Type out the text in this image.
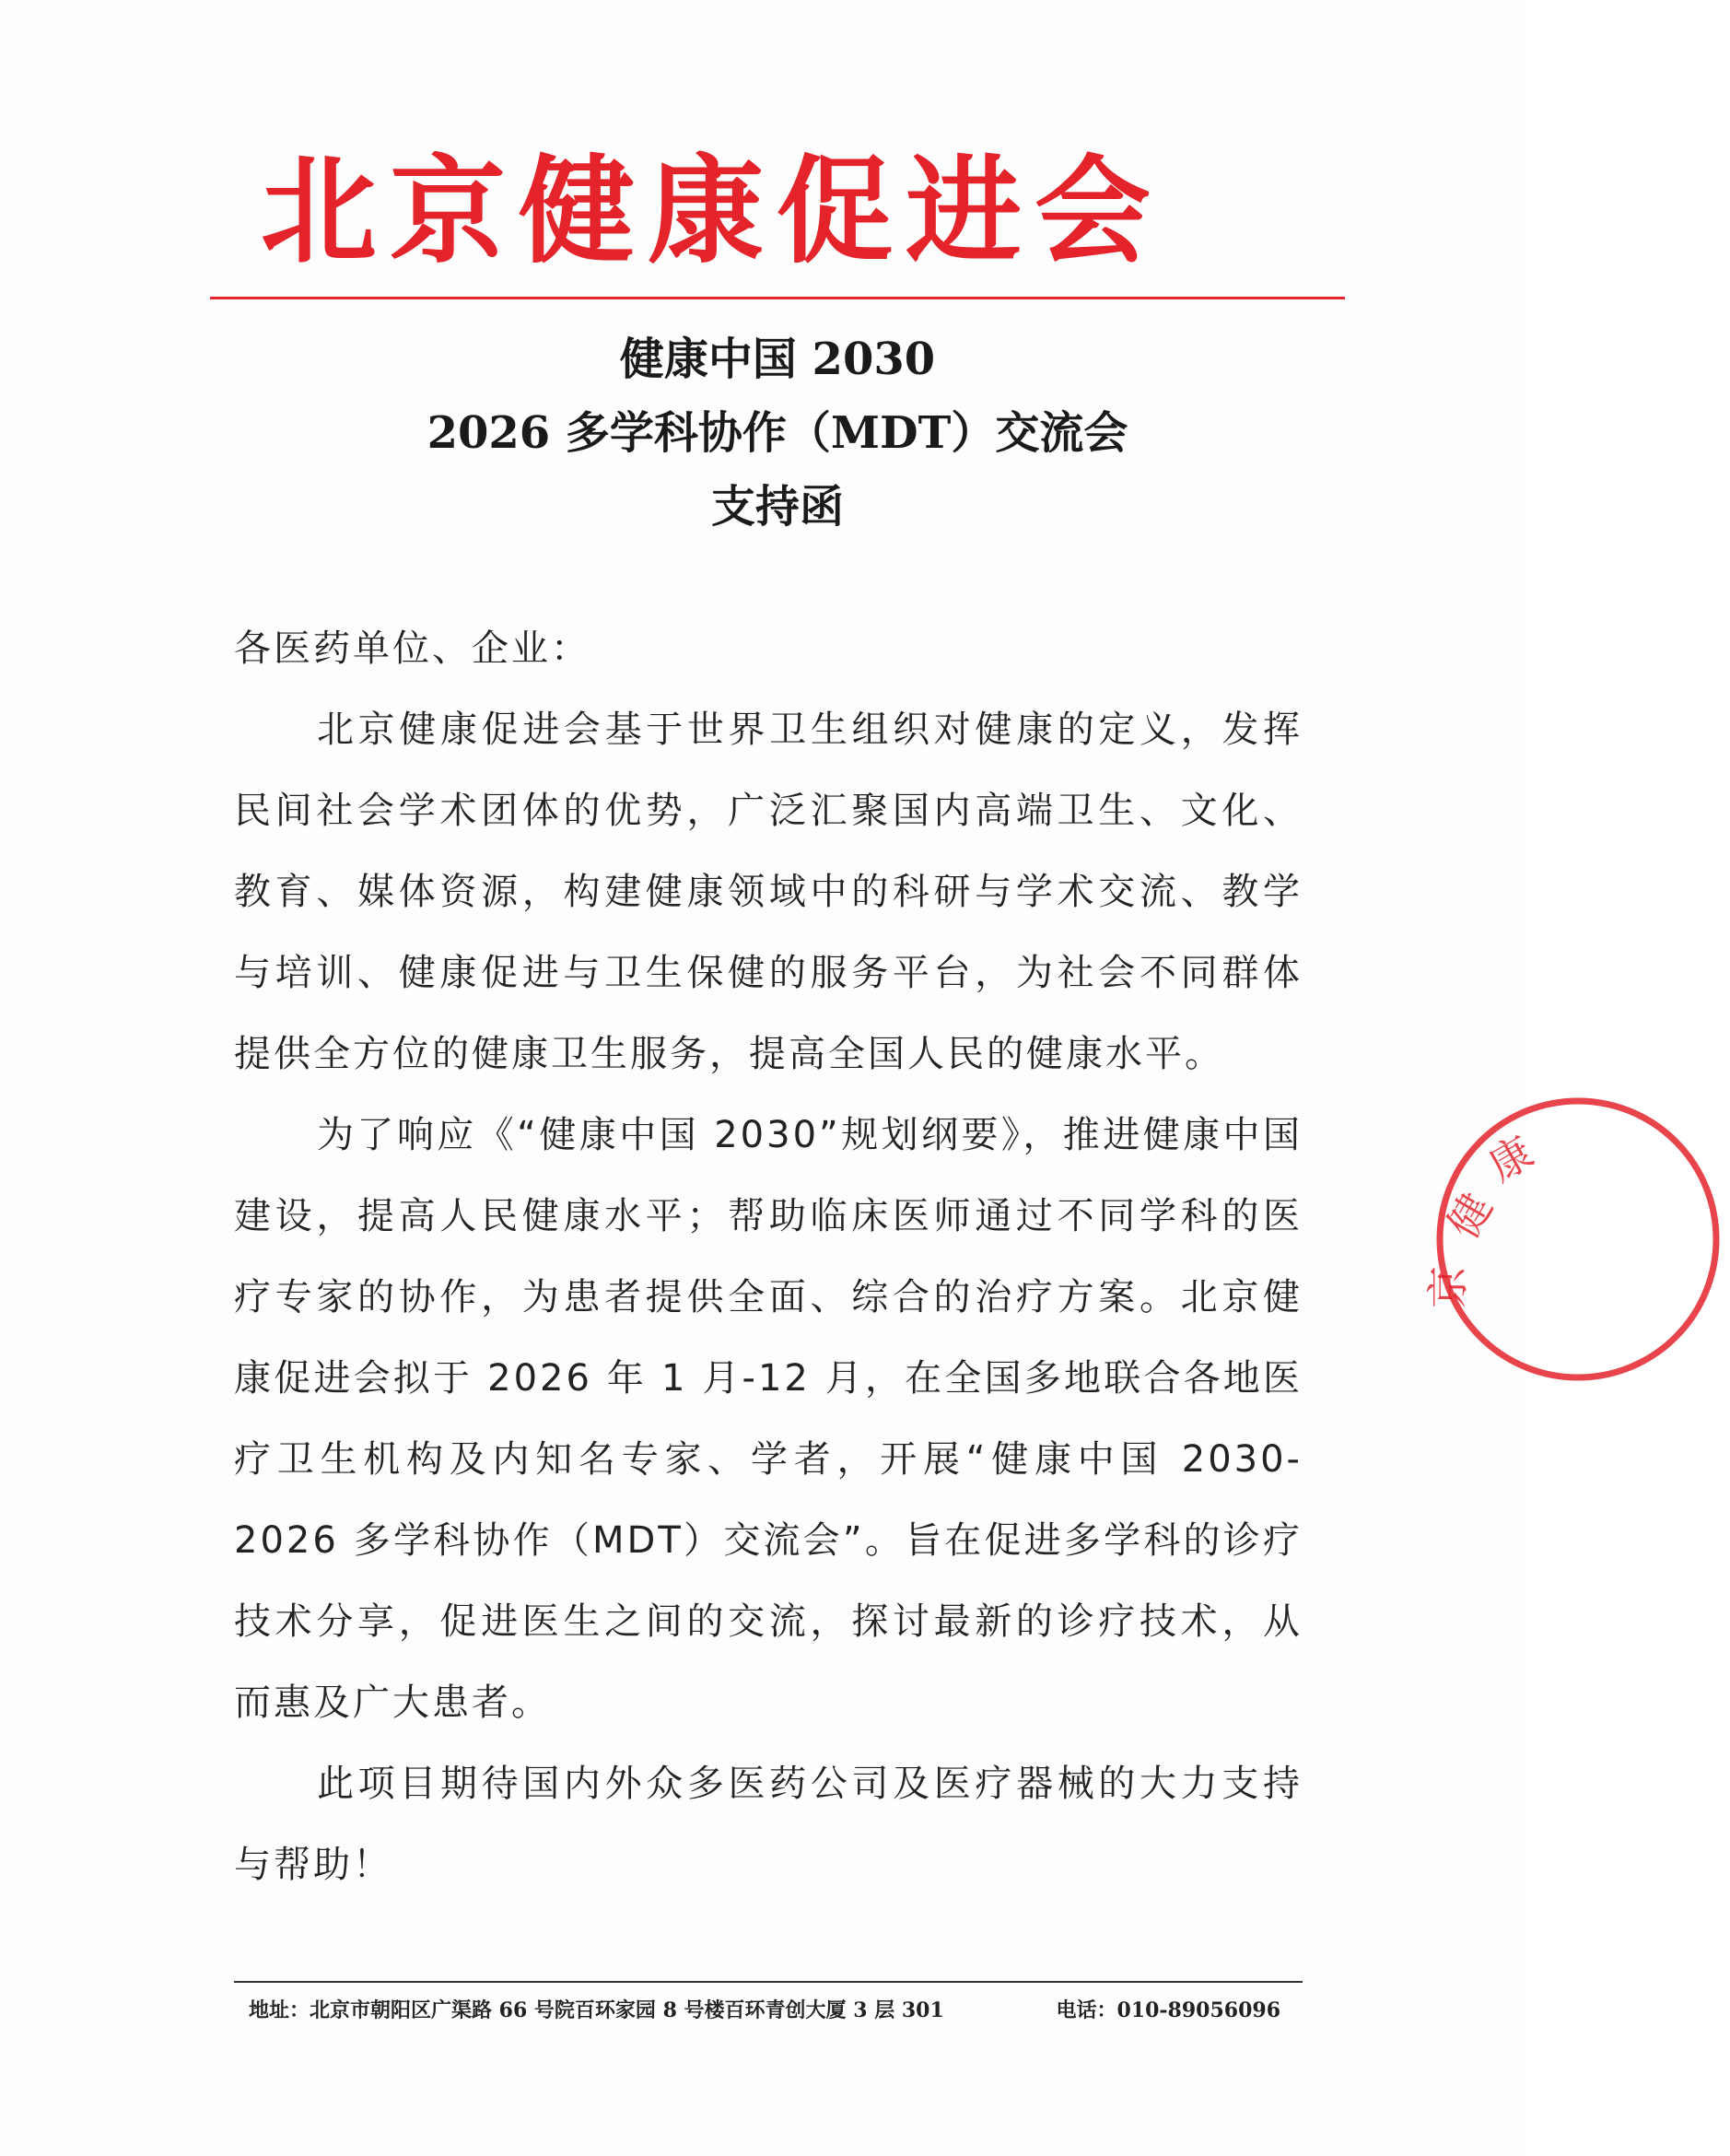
北京健康促进会
健康中国 2030
2026 多学科协作（MDT）交流会
支持函

各医药单位、企业：

北京健康促进会基于世界卫生组织对健康的定义，发挥民间社会学术团体的优势，广泛汇聚国内高端卫生、文化、教育、媒体资源，构建健康领域中的科研与学术交流、教学与培训、健康促进与卫生保健的服务平台，为社会不同群体提供全方位的健康卫生服务，提高全国人民的健康水平。

为了响应《“健康中国 2030”规划纲要》，推进健康中国建设，提高人民健康水平；帮助临床医师通过不同学科的医疗专家的协作，为患者提供全面、综合的治疗方案。北京健康促进会拟于 2026 年 1 月-12 月，在全国多地联合各地医疗卫生机构及内知名专家、学者，开展“健康中国 2030-2026 多学科协作（MDT）交流会”。旨在促进多学科的诊疗技术分享，促进医生之间的交流，探讨最新的诊疗技术，从而惠及广大患者。

此项目期待国内外众多医药公司及医疗器械的大力支持与帮助！

健
康
京
地址：北京市朝阳区广渠路 66 号院百环家园 8 号楼百环青创大厦 3 层 301	电话：010-89056096
